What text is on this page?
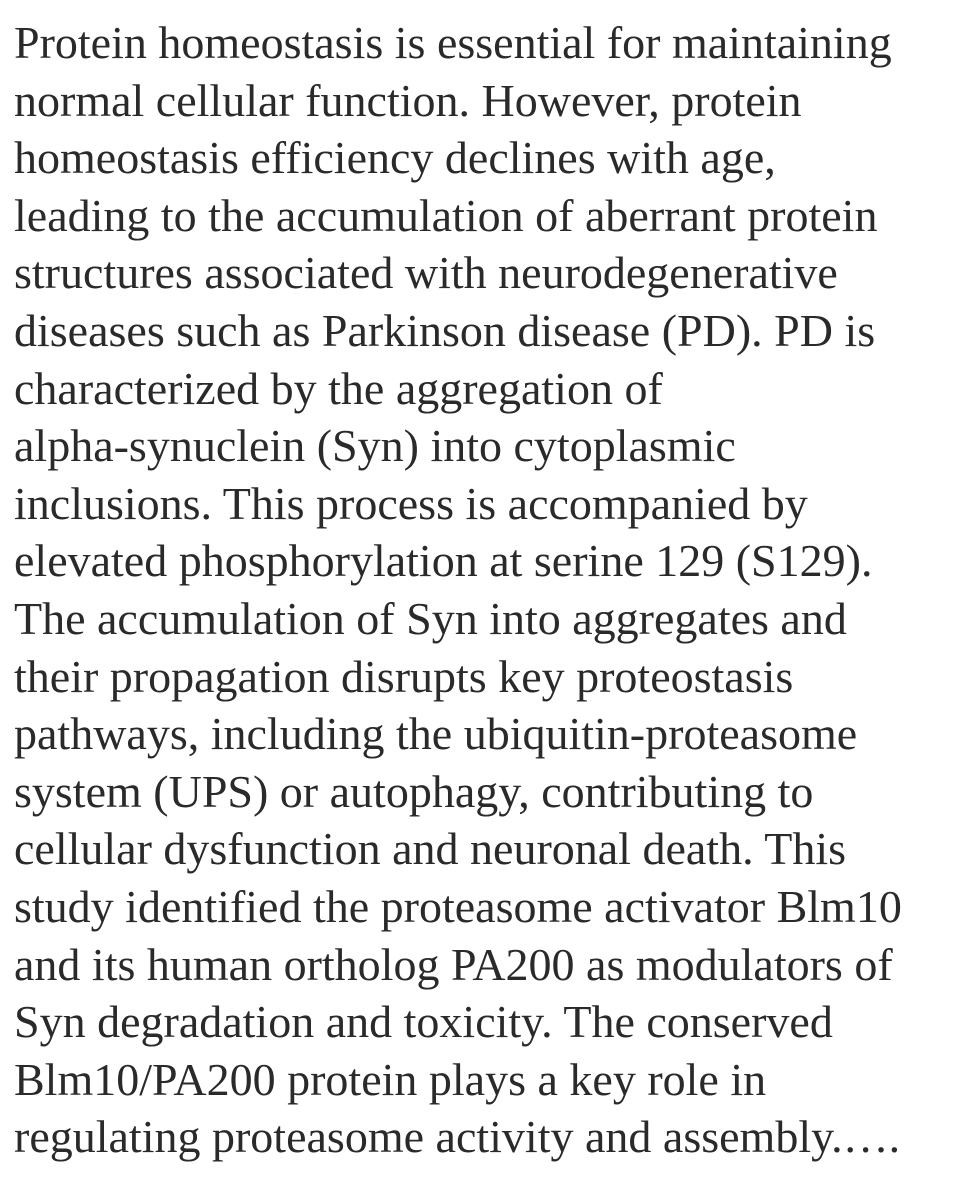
Protein homeostasis is essential for maintaining
normal cellular function. However, protein
homeostasis efficiency declines with age,
leading to the accumulation of aberrant protein
structures associated with neurodegenerative
diseases such as Parkinson disease (PD). PD is
characterized by the aggregation of
alpha-synuclein (Syn) into cytoplasmic
inclusions. This process is accompanied by
elevated phosphorylation at serine 129 (S129).
The accumulation of Syn into aggregates and
their propagation disrupts key proteostasis
pathways, including the ubiquitin-proteasome
system (UPS) or autophagy, contributing to
cellular dysfunction and neuronal death. This
study identified the proteasome activator Blm10
and its human ortholog PA200 as modulators of
Syn degradation and toxicity. The conserved
Blm10/PA200 protein plays a key role in
regulating proteasome activity and assembly.….
